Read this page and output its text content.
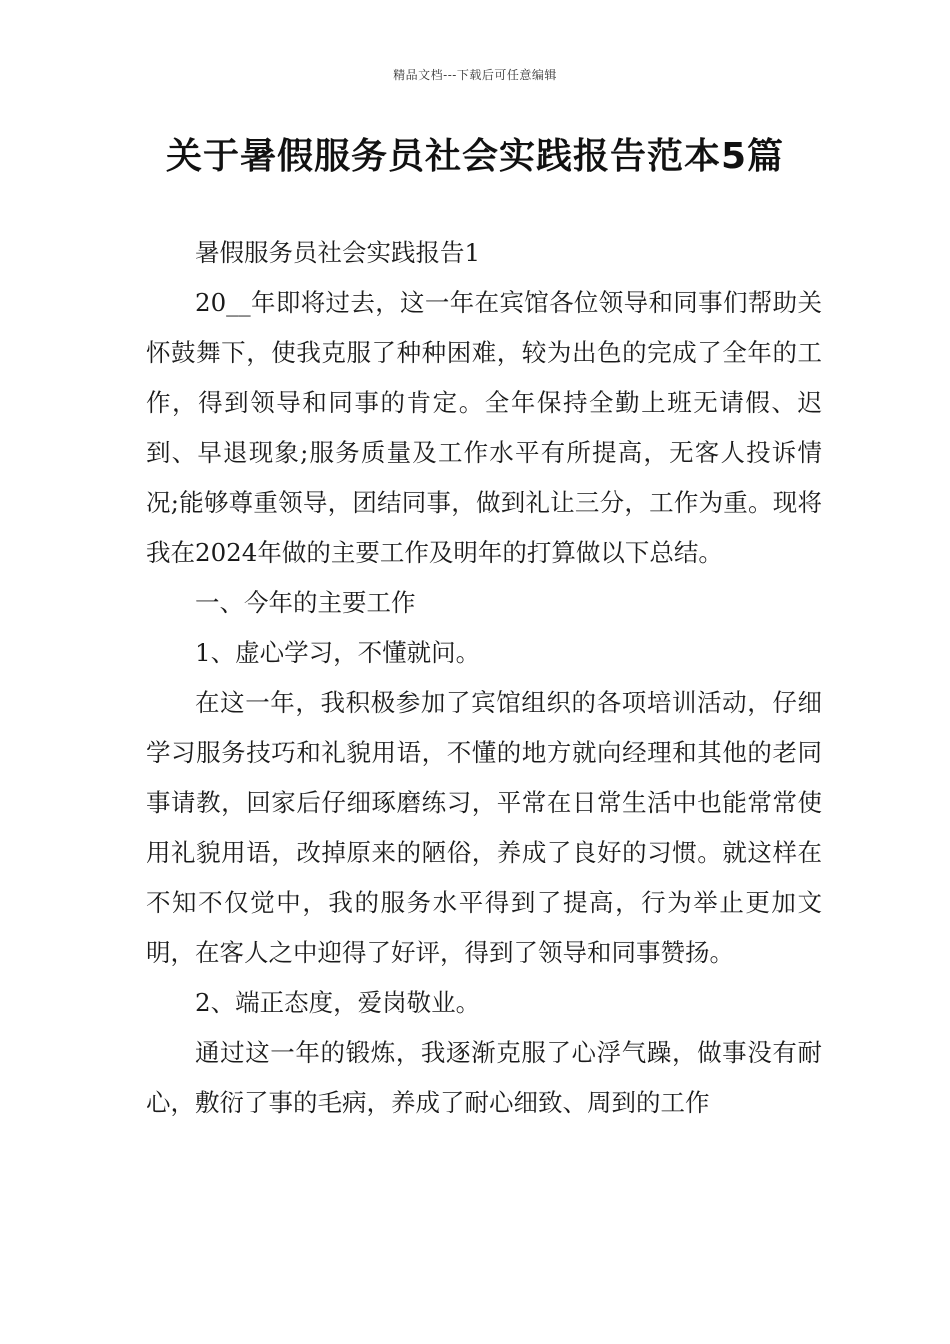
精品文档---下载后可任意编辑
关于暑假服务员社会实践报告范本5篇

暑假服务员社会实践报告1

20__年即将过去，这一年在宾馆各位领导和同事们帮助关怀鼓舞下，使我克服了种种困难，较为出色的完成了全年的工作，得到领导和同事的肯定。全年保持全勤上班无请假、迟到、早退现象;服务质量及工作水平有所提高，无客人投诉情况;能够尊重领导，团结同事，做到礼让三分，工作为重。现将我在2024年做的主要工作及明年的打算做以下总结。

一、今年的主要工作

1、虚心学习，不懂就问。

在这一年，我积极参加了宾馆组织的各项培训活动，仔细学习服务技巧和礼貌用语，不懂的地方就向经理和其他的老同事请教，回家后仔细琢磨练习，平常在日常生活中也能常常使用礼貌用语，改掉原来的陋俗，养成了良好的习惯。就这样在不知不仅觉中，我的服务水平得到了提高，行为举止更加文明，在客人之中迎得了好评，得到了领导和同事赞扬。

2、端正态度，爱岗敬业。

通过这一年的锻炼，我逐渐克服了心浮气躁，做事没有耐心，敷衍了事的毛病，养成了耐心细致、周到的工作
